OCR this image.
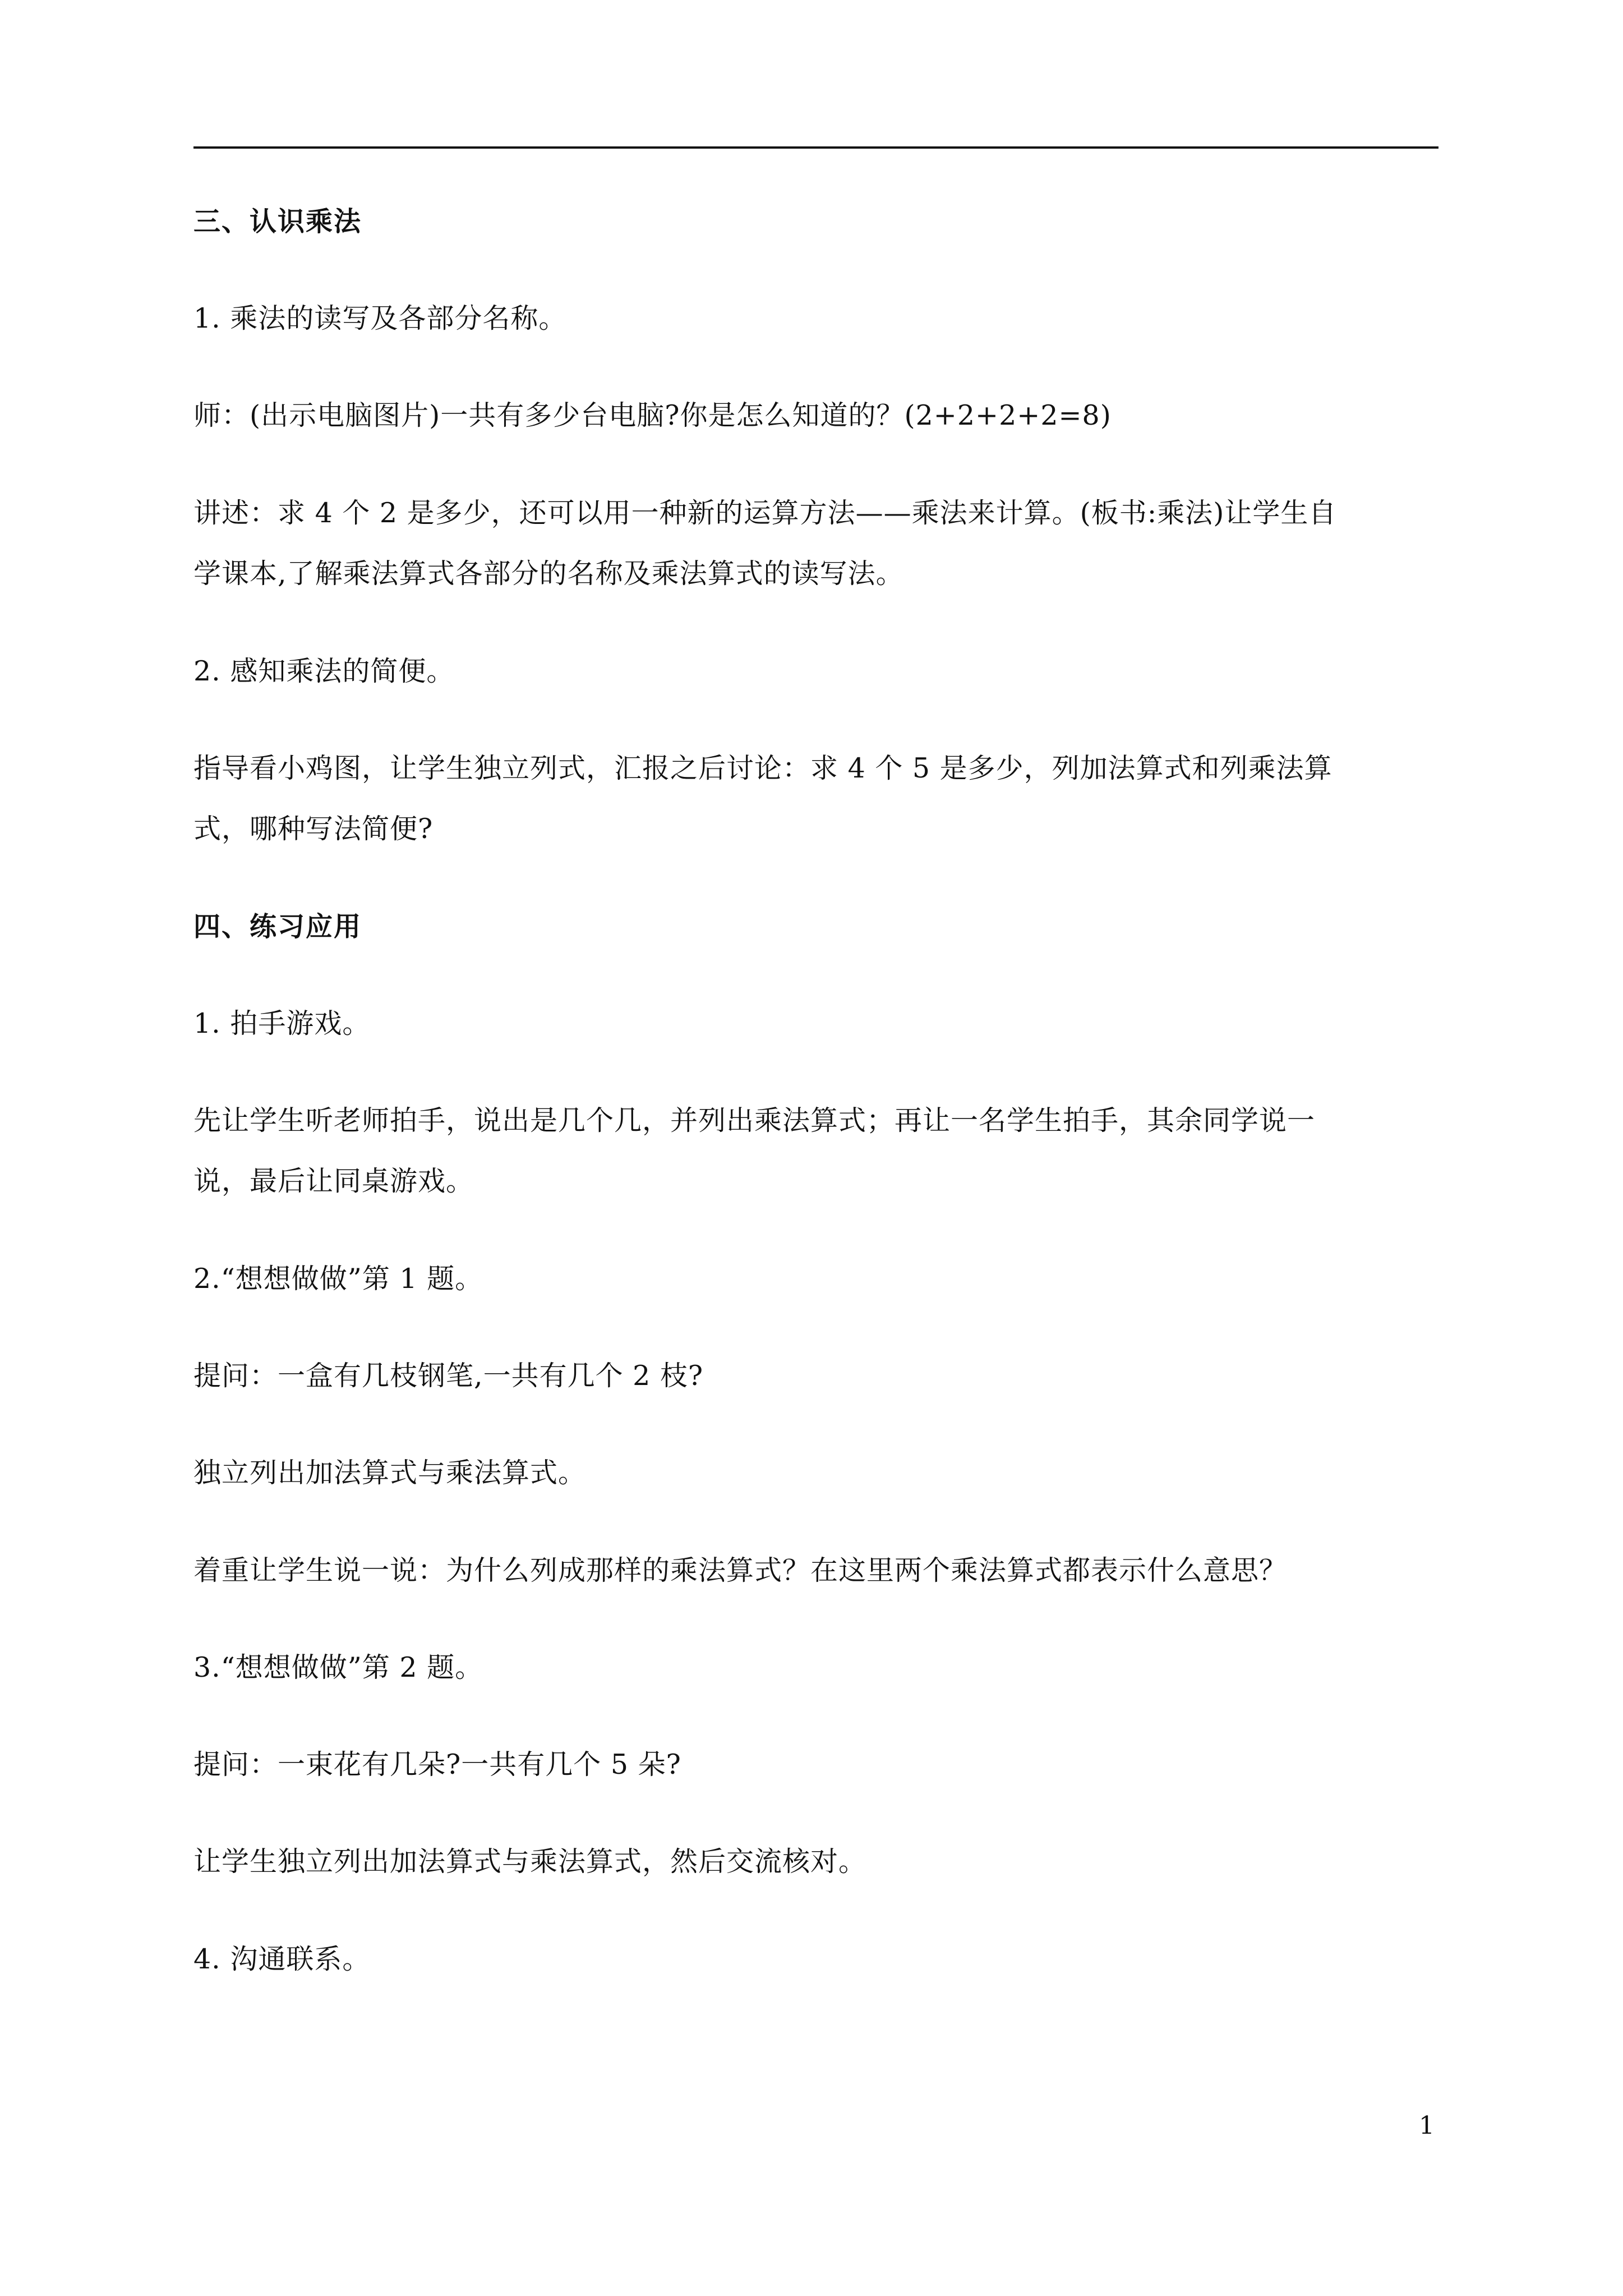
三、认识乘法
1. 乘法的读写及各部分名称。
师：(出示电脑图片)一共有多少台电脑?你是怎么知道的？(2+2+2+2=8)
讲述：求 4 个 2 是多少，还可以用一种新的运算方法——乘法来计算。(板书:乘法)让学生自
学课本,了解乘法算式各部分的名称及乘法算式的读写法。
2. 感知乘法的简便。
指导看小鸡图，让学生独立列式，汇报之后讨论：求 4 个 5 是多少，列加法算式和列乘法算
式，哪种写法简便?
四、练习应用
1. 拍手游戏。
先让学生听老师拍手，说出是几个几，并列出乘法算式；再让一名学生拍手，其余同学说一
说，最后让同桌游戏。
2.“想想做做”第 1 题。
提问：一盒有几枝钢笔,一共有几个 2 枝?
独立列出加法算式与乘法算式。
着重让学生说一说：为什么列成那样的乘法算式？在这里两个乘法算式都表示什么意思？
3.“想想做做”第 2 题。
提问：一束花有几朵?一共有几个 5 朵?
让学生独立列出加法算式与乘法算式，然后交流核对。
4. 沟通联系。
1
